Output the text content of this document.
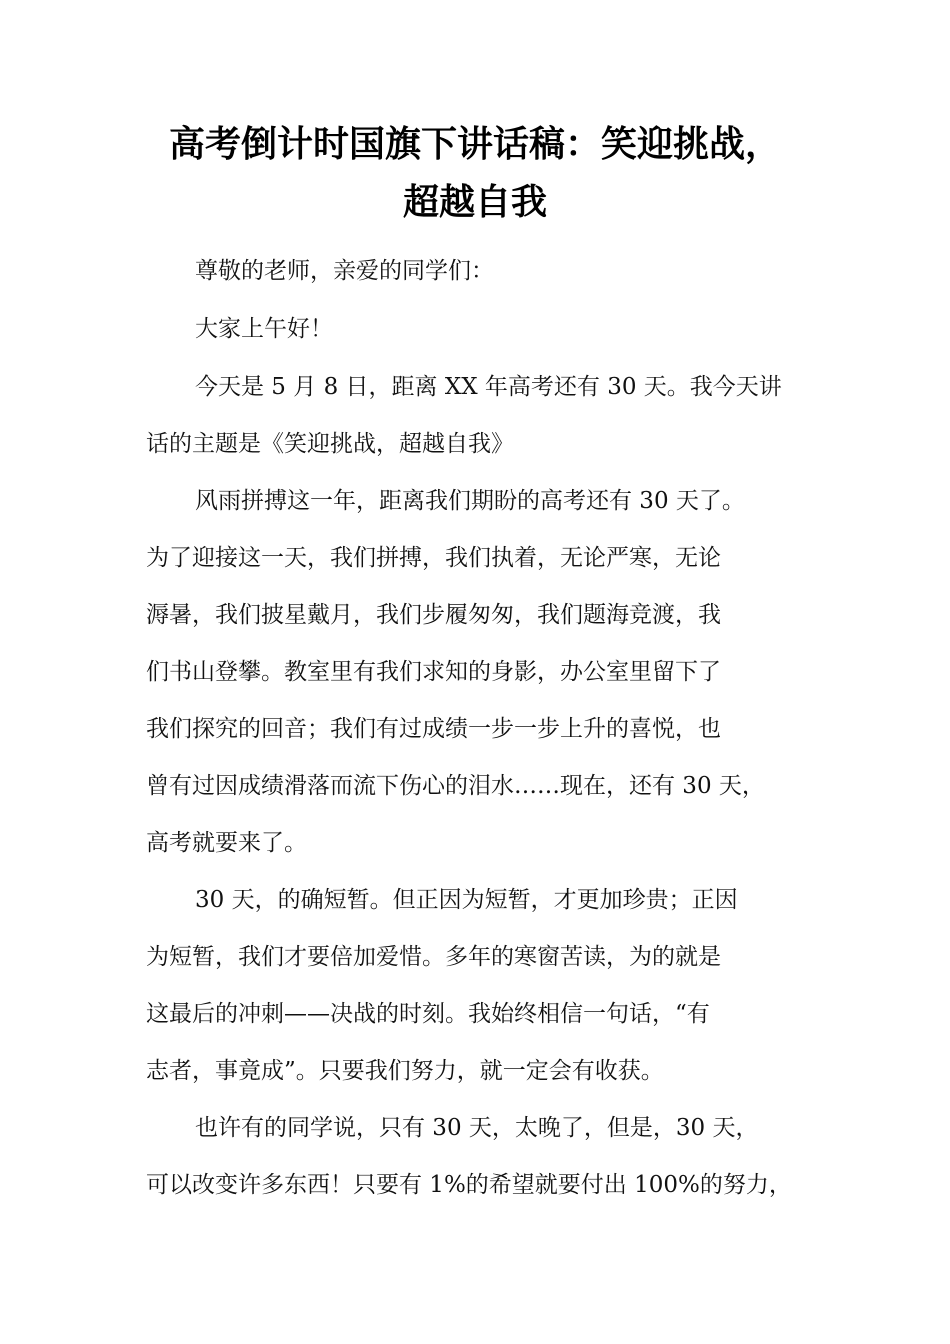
高考倒计时国旗下讲话稿：笑迎挑战，
超越自我

尊敬的老师，亲爱的同学们：

大家上午好！

今天是 5 月 8 日，距离 XX 年高考还有 30 天。我今天讲

话的主题是《笑迎挑战，超越自我》

风雨拼搏这一年，距离我们期盼的高考还有 30 天了。

为了迎接这一天，我们拼搏，我们执着，无论严寒，无论

溽暑，我们披星戴月，我们步履匆匆，我们题海竞渡，我

们书山登攀。教室里有我们求知的身影，办公室里留下了

我们探究的回音；我们有过成绩一步一步上升的喜悦，也

曾有过因成绩滑落而流下伤心的泪水……现在，还有 30 天，

高考就要来了。

30 天，的确短暂。但正因为短暂，才更加珍贵；正因

为短暂，我们才要倍加爱惜。多年的寒窗苦读，为的就是

这最后的冲刺——决战的时刻。我始终相信一句话，“有

志者，事竟成”。只要我们努力，就一定会有收获。

也许有的同学说，只有 30 天，太晚了，但是，30 天，

可以改变许多东西！只要有 1%的希望就要付出 100%的努力，
